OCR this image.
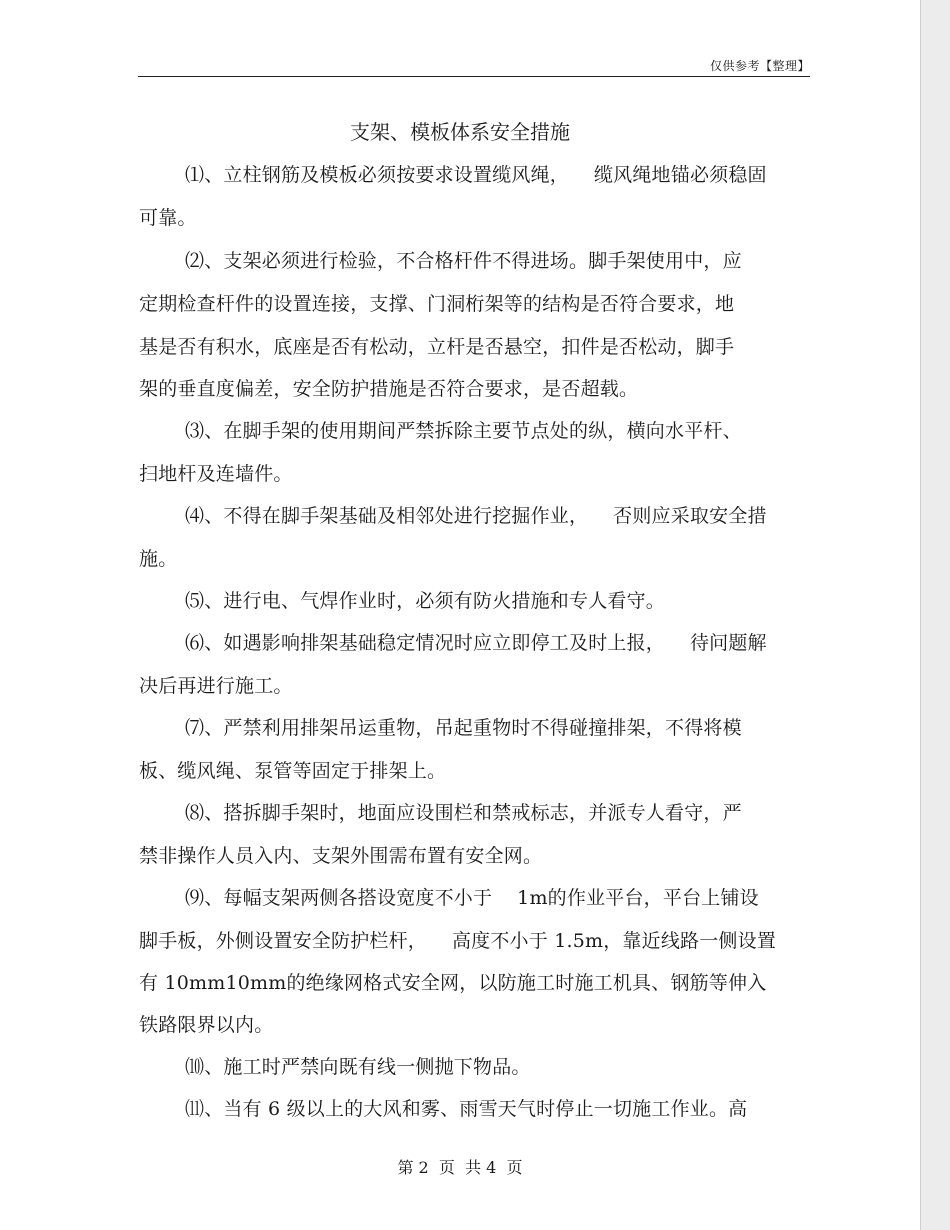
仅供参考【整理】
支架、模板体系安全措施
⑴、立柱钢筋及模板必须按要求设置缆风绳，    缆风绳地锚必须稳固
可靠。
⑵、支架必须进行检验，不合格杆件不得进场。脚手架使用中，应
定期检查杆件的设置连接，支撑、门洞桁架等的结构是否符合要求，地
基是否有积水，底座是否有松动，立杆是否悬空，扣件是否松动，脚手
架的垂直度偏差，安全防护措施是否符合要求，是否超载。
⑶、在脚手架的使用期间严禁拆除主要节点处的纵，横向水平杆、
扫地杆及连墙件。
⑷、不得在脚手架基础及相邻处进行挖掘作业，    否则应采取安全措
施。
⑸、进行电、气焊作业时，必须有防火措施和专人看守。
⑹、如遇影响排架基础稳定情况时应立即停工及时上报，    待问题解
决后再进行施工。
⑺、严禁利用排架吊运重物，吊起重物时不得碰撞排架，不得将模
板、缆风绳、泵管等固定于排架上。
⑻、搭拆脚手架时，地面应设围栏和禁戒标志，并派专人看守，严
禁非操作人员入内、支架外围需布置有安全网。
⑼、每幅支架两侧各搭设宽度不小于    1m的作业平台，平台上铺设
脚手板，外侧设置安全防护栏杆，    高度不小于 1.5m，靠近线路一侧设置
有 10mm10mm的绝缘网格式安全网，以防施工时施工机具、钢筋等伸入
铁路限界以内。
⑽、施工时严禁向既有线一侧抛下物品。
⑾、当有 6 级以上的大风和雾、雨雪天气时停止一切施工作业。高
第 2  页  共 4  页
